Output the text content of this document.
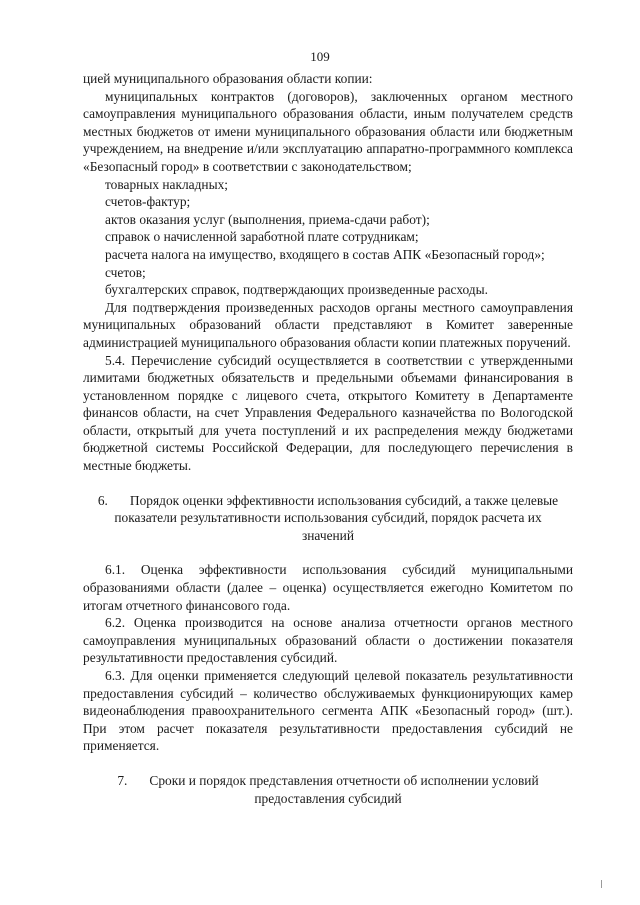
109

цией муниципального образования области копии:

муниципальных контрактов (договоров), заключенных органом местного самоуправления муниципального образования области, иным получателем средств местных бюджетов от имени муниципального образования области или бюджетным учреждением, на внедрение и/или эксплуатацию аппаратно-программного комплекса «Безопасный город» в соответствии с законодательством;

товарных накладных;

счетов-фактур;

актов оказания услуг (выполнения, приема-сдачи работ);

справок о начисленной заработной плате сотрудникам;

расчета налога на имущество, входящего в состав АПК «Безопасный город»;

счетов;

бухгалтерских справок, подтверждающих произведенные расходы.

Для подтверждения произведенных расходов органы местного самоуправления муниципальных образований области представляют в Комитет заверенные администрацией муниципального образования области копии платежных поручений.

5.4. Перечисление субсидий осуществляется в соответствии с утвержденными лимитами бюджетных обязательств и предельными объемами финансирования в установленном порядке с лицевого счета, открытого Комитету в Департаменте финансов области, на счет Управления Федерального казначейства по Вологодской области, открытый для учета поступлений и их распределения между бюджетами бюджетной системы Российской Федерации, для последующего перечисления в местные бюджеты.

6. Порядок оценки эффективности использования субсидий, а также целевые показатели результативности использования субсидий, порядок расчета их значений

6.1. Оценка эффективности использования субсидий муниципальными образованиями области (далее – оценка) осуществляется ежегодно Комитетом по итогам отчетного финансового года.

6.2. Оценка производится на основе анализа отчетности органов местного самоуправления муниципальных образований области о достижении показателя результативности предоставления субсидий.

6.3. Для оценки применяется следующий целевой показатель результативности предоставления субсидий – количество обслуживаемых функционирующих камер видеонаблюдения правоохранительного сегмента АПК «Безопасный город» (шт.). При этом расчет показателя результативности предоставления субсидий не применяется.

7. Сроки и порядок представления отчетности об исполнении условий предоставления субсидий
